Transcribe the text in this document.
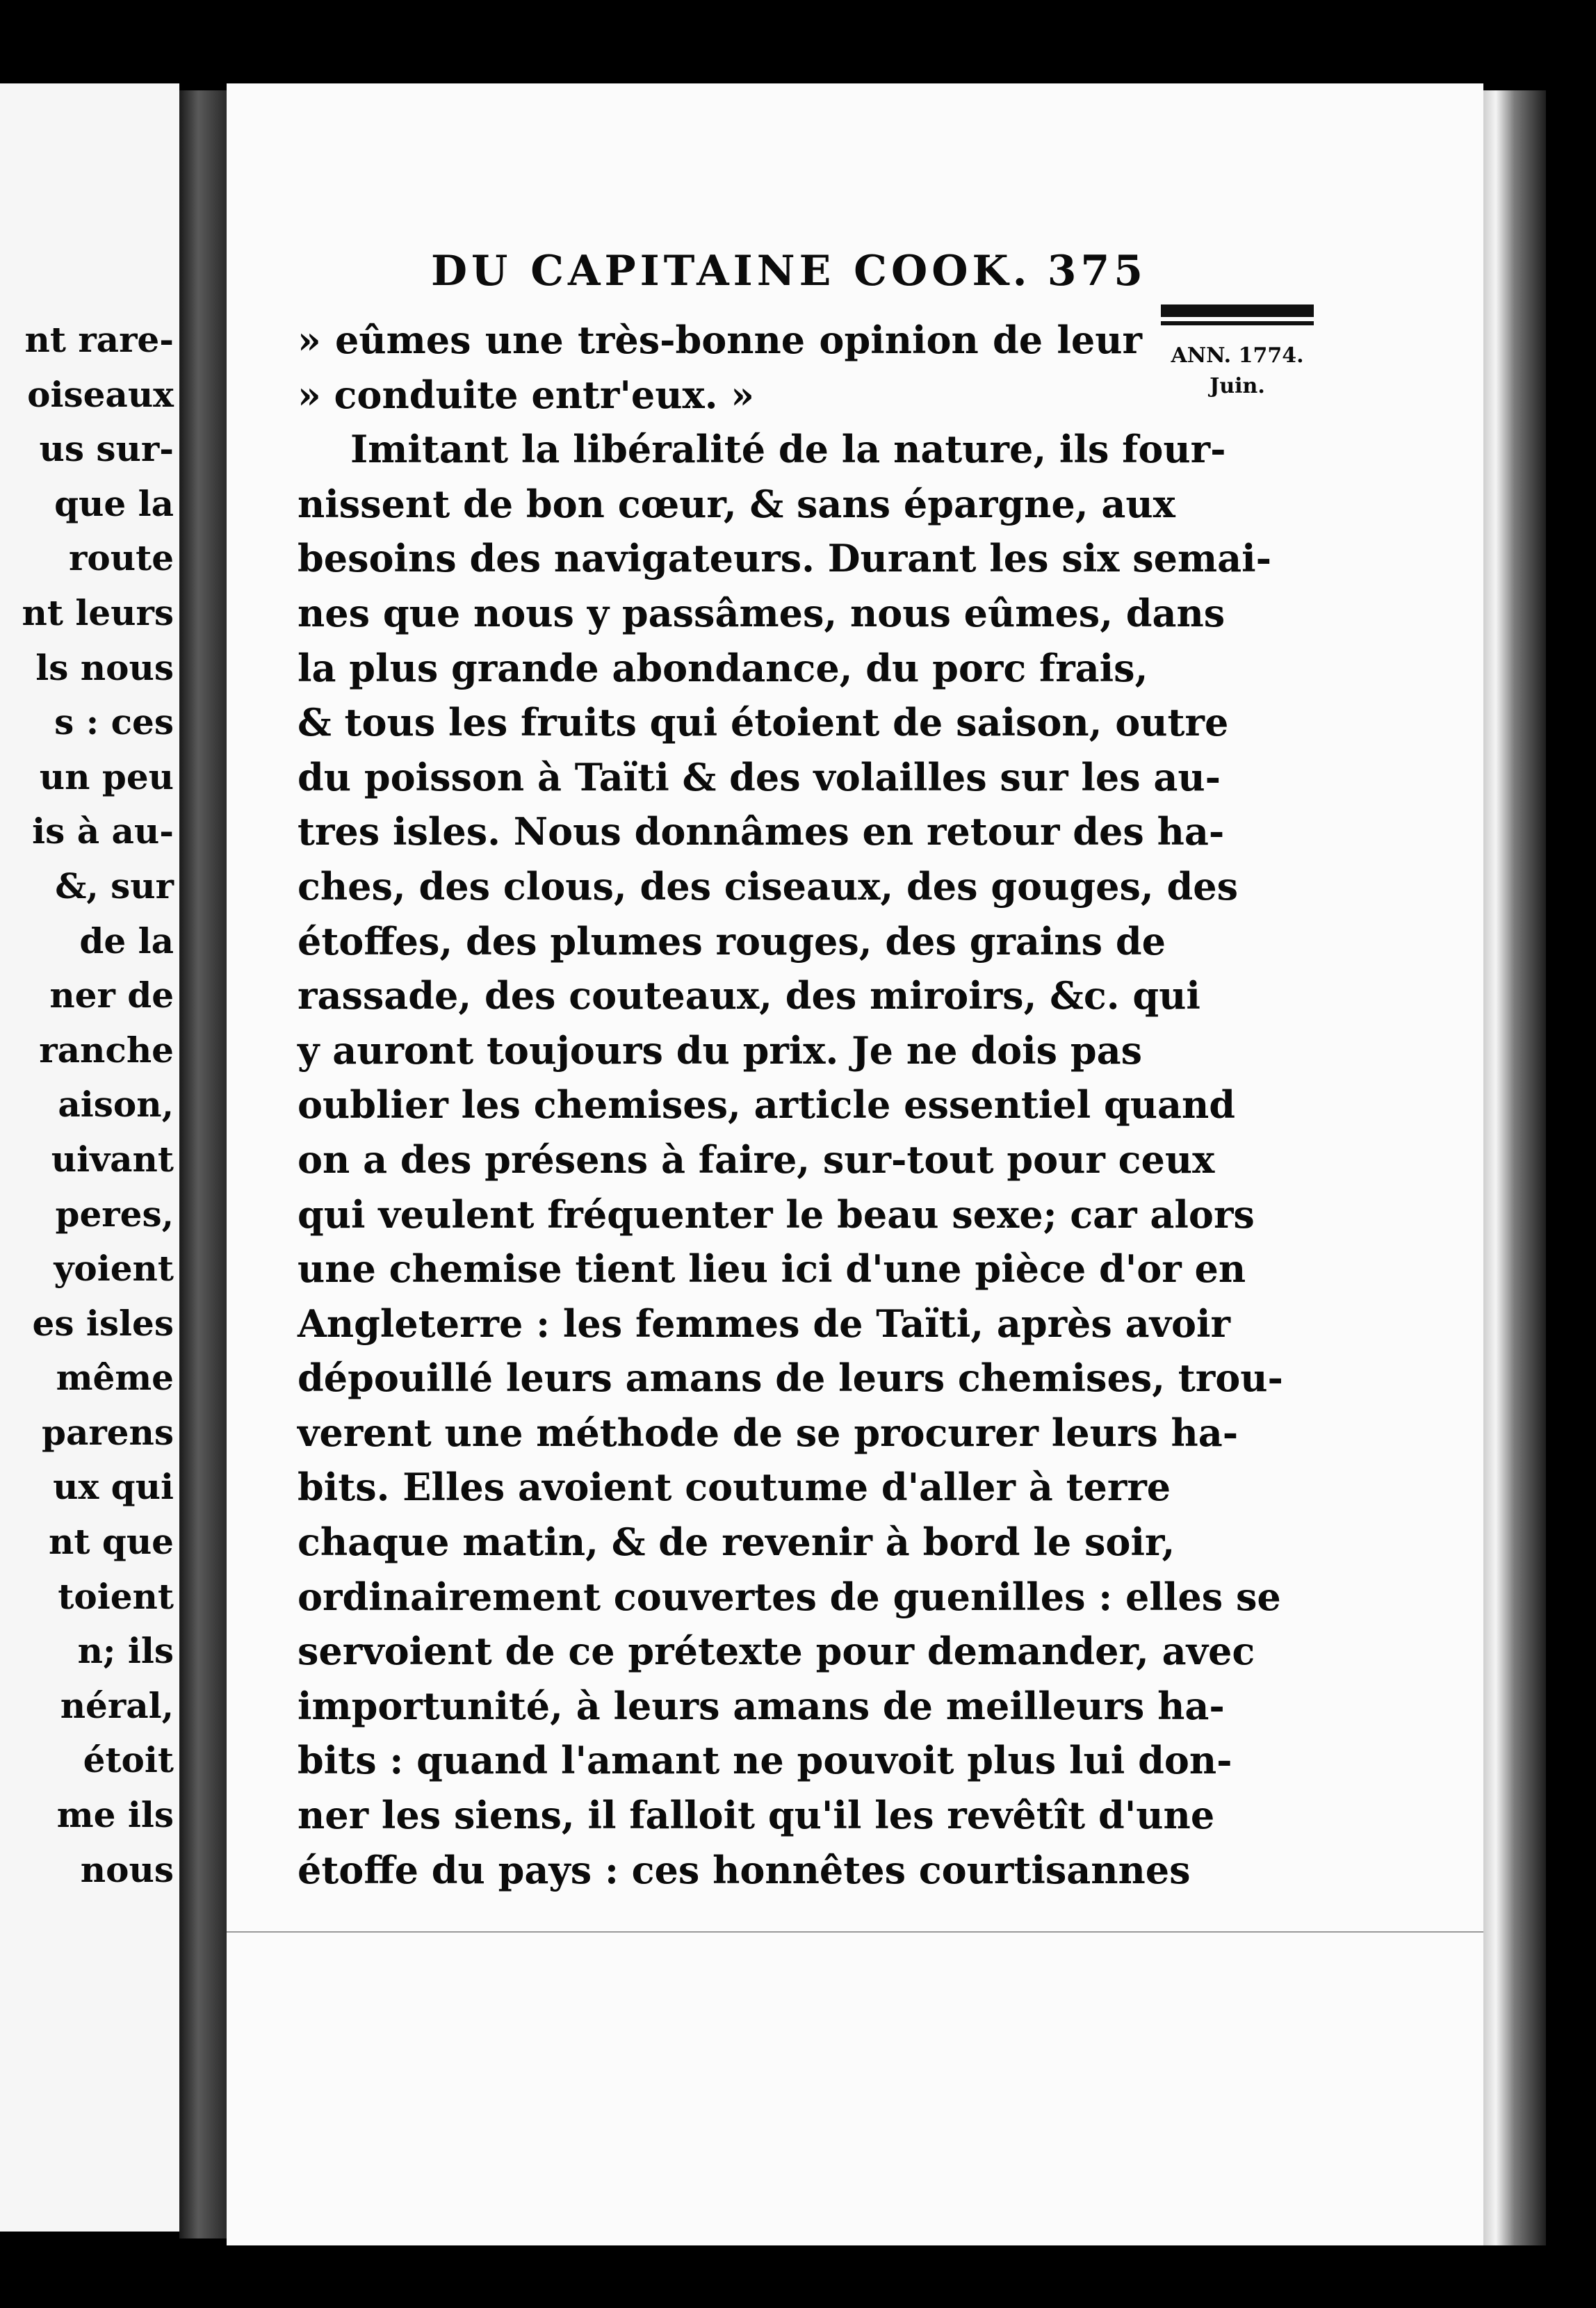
nt rare-
oiseaux
us sur-
que la
route
nt leurs
ls nous
s : ces
un peu
is à au-
&, sur
de la
ner de
ranche
aison,
uivant
peres,
yoient
es isles
même
parens
ux qui
nt que
toient
n; ils
néral,
étoit
me ils
nous
DU CAPITAINE COOK. 375
ANN. 1774.
Juin.
» eûmes une très-bonne opinion de leur
» conduite entr'eux. »
Imitant la libéralité de la nature, ils four-
nissent de bon cœur, & sans épargne, aux
besoins des navigateurs. Durant les six semai-
nes que nous y passâmes, nous eûmes, dans
la plus grande abondance, du porc frais,
& tous les fruits qui étoient de saison, outre
du poisson à Taïti & des volailles sur les au-
tres isles. Nous donnâmes en retour des ha-
ches, des clous, des ciseaux, des gouges, des
étoffes, des plumes rouges, des grains de
rassade, des couteaux, des miroirs, &c. qui
y auront toujours du prix. Je ne dois pas
oublier les chemises, article essentiel quand
on a des présens à faire, sur-tout pour ceux
qui veulent fréquenter le beau sexe; car alors
une chemise tient lieu ici d'une pièce d'or en
Angleterre : les femmes de Taïti, après avoir
dépouillé leurs amans de leurs chemises, trou-
verent une méthode de se procurer leurs ha-
bits. Elles avoient coutume d'aller à terre
chaque matin, & de revenir à bord le soir,
ordinairement couvertes de guenilles : elles se
servoient de ce prétexte pour demander, avec
importunité, à leurs amans de meilleurs ha-
bits : quand l'amant ne pouvoit plus lui don-
ner les siens, il falloit qu'il les revêtît d'une
étoffe du pays : ces honnêtes courtisannes
